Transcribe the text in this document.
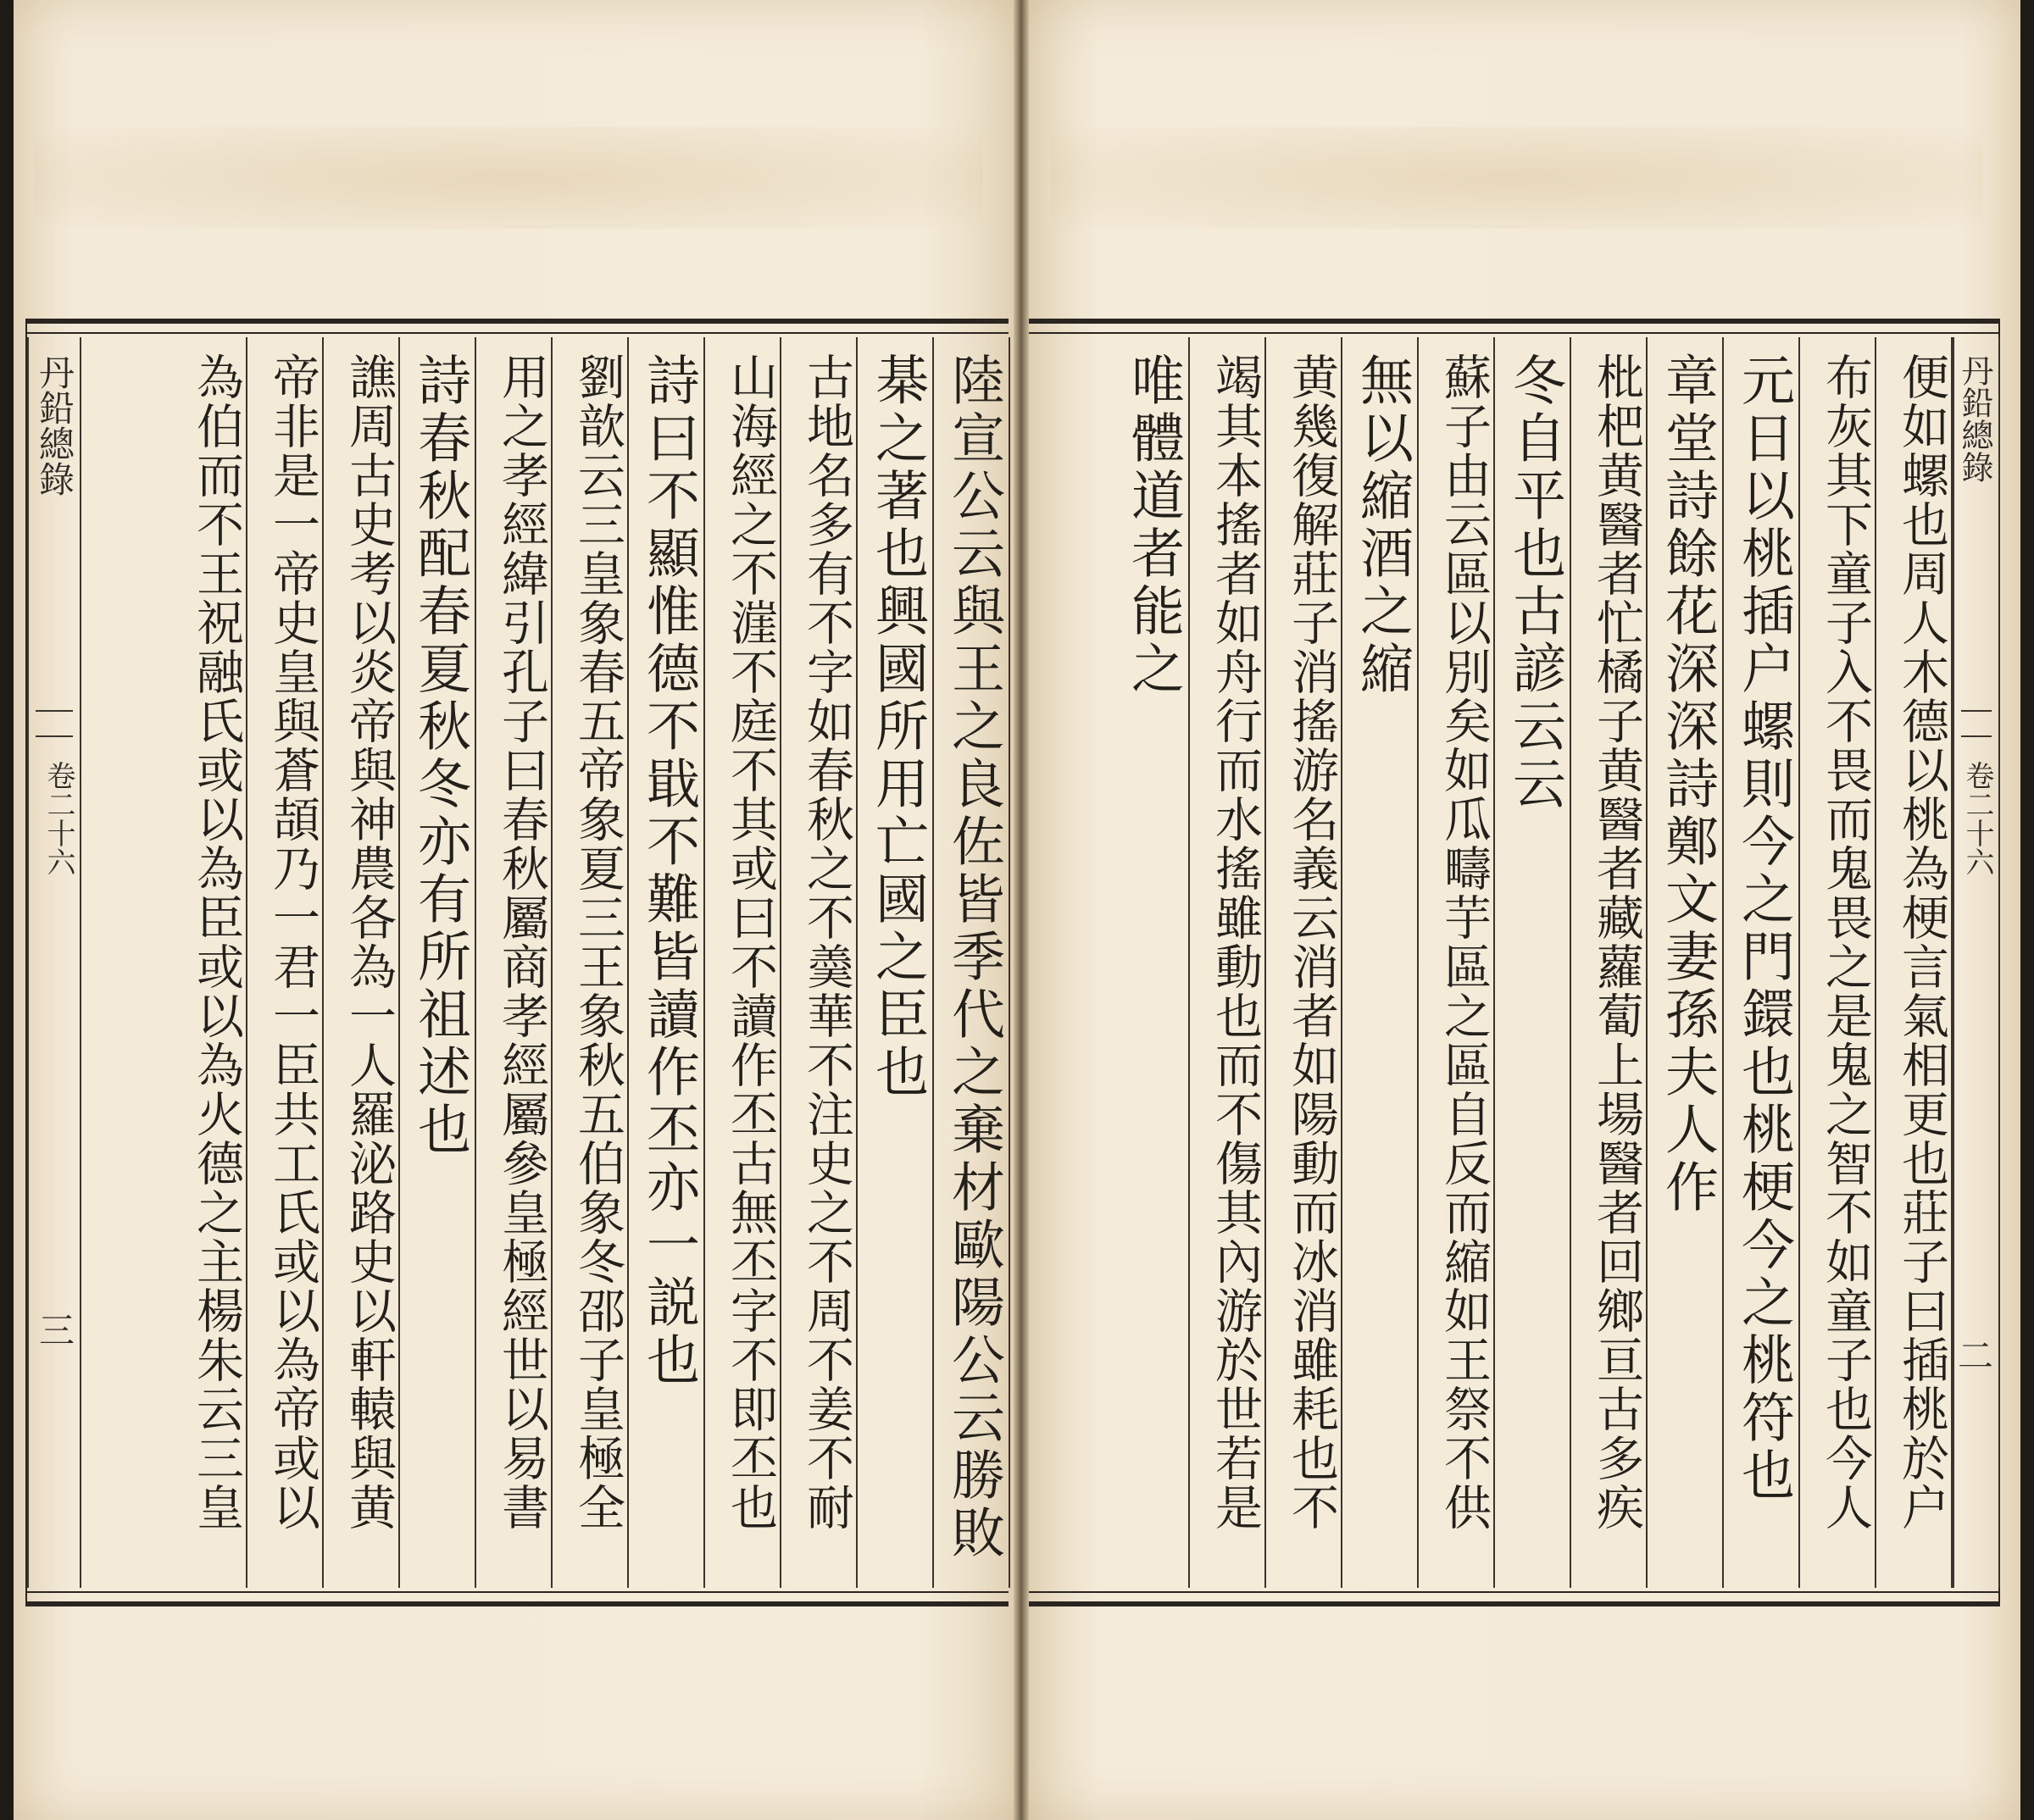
陸宣公云與王之良佐皆季代之棄材歐陽公云勝敗
棊之著也興國所用亡國之臣也
古地名多有不字如春秋之不羮華不注史之不周不姜不耐
山海經之不漄不庭不其或曰不讀作丕古無丕字不即丕也
詩曰不顯惟德不戢不難皆讀作丕亦一説也
劉歆云三皇象春五帝象夏三王象秋五伯象冬邵子皇極全
用之孝經緯引孔子曰春秋屬商孝經屬參皇極經世以易書
詩春秋配春夏秋冬亦有所祖述也
譙周古史考以炎帝與神農各為一人羅泌路史以軒轅與黄
帝非是一帝史皇與蒼頡乃一君一臣共工氏或以為帝或以
為伯而不王祝融氏或以為臣或以為火德之主楊朱云三皇
丹鉛總錄
卷二十六
三	便如螺也周人木德以桃為梗言氣相更也莊子曰插桃於户
布灰其下童子入不畏而鬼畏之是鬼之智不如童子也今人
元日以桃插户螺則今之門鐶也桃梗今之桃符也
章堂詩餘花深深詩鄭文妻孫夫人作
枇杷黄醫者忙橘子黄醫者藏蘿蔔上場醫者回鄉亘古多疾
冬自平也古諺云云
蘇子由云區以別矣如瓜疇芋區之區自反而縮如王祭不供
無以縮酒之縮
黄幾復解莊子消搖游名義云消者如陽動而冰消雖耗也不
竭其本搖者如舟行而水搖雖動也而不傷其內游於世若是
唯體道者能之	丹鉛總錄
卷二十六
二
